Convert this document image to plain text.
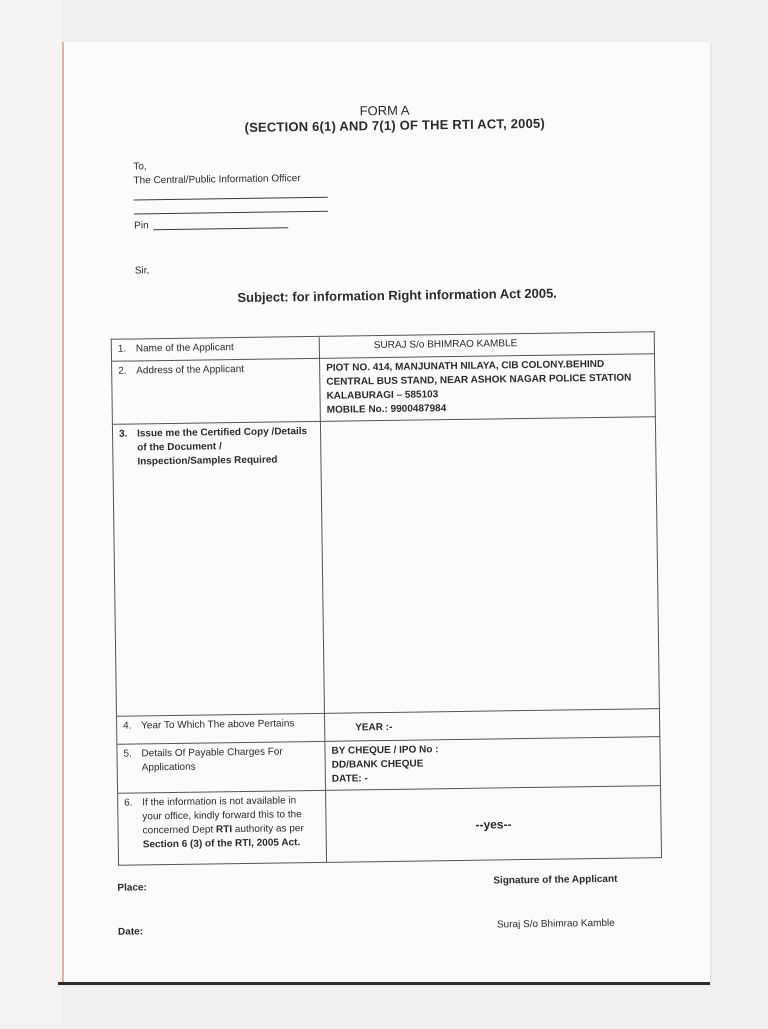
FORM A
(SECTION 6(1) AND 7(1) OF THE RTI ACT, 2005)
To,
The Central/Public Information Officer
Pin
Sir,
Subject: for information Right information Act 2005.
1. Name of the Applicant	SURAJ S/o BHIMRAO KAMBLE

2. Address of the Applicant	PIOT NO. 414, MANJUNATH NILAYA, CIB COLONY.BEHIND
CENTRAL BUS STAND, NEAR ASHOK NAGAR POLICE STATION
KALABURAGI – 585103
MOBILE No.: 9900487984

3. Issue me the Certified Copy /Details
of the Document /
Inspection/Samples Required	

4. Year To Which The above Pertains	YEAR :-

5. Details Of Payable Charges For
Applications	BY CHEQUE / IPO No :
DD/BANK CHEQUE
DATE: -

6. If the information is not available in
your office, kindly forward this to the
concerned Dept RTI authority as per
Section 6 (3) of the RTI, 2005 Act.	--yes--
Place:
Date:
Signature of the Applicant
Suraj S/o Bhimrao Kamble
